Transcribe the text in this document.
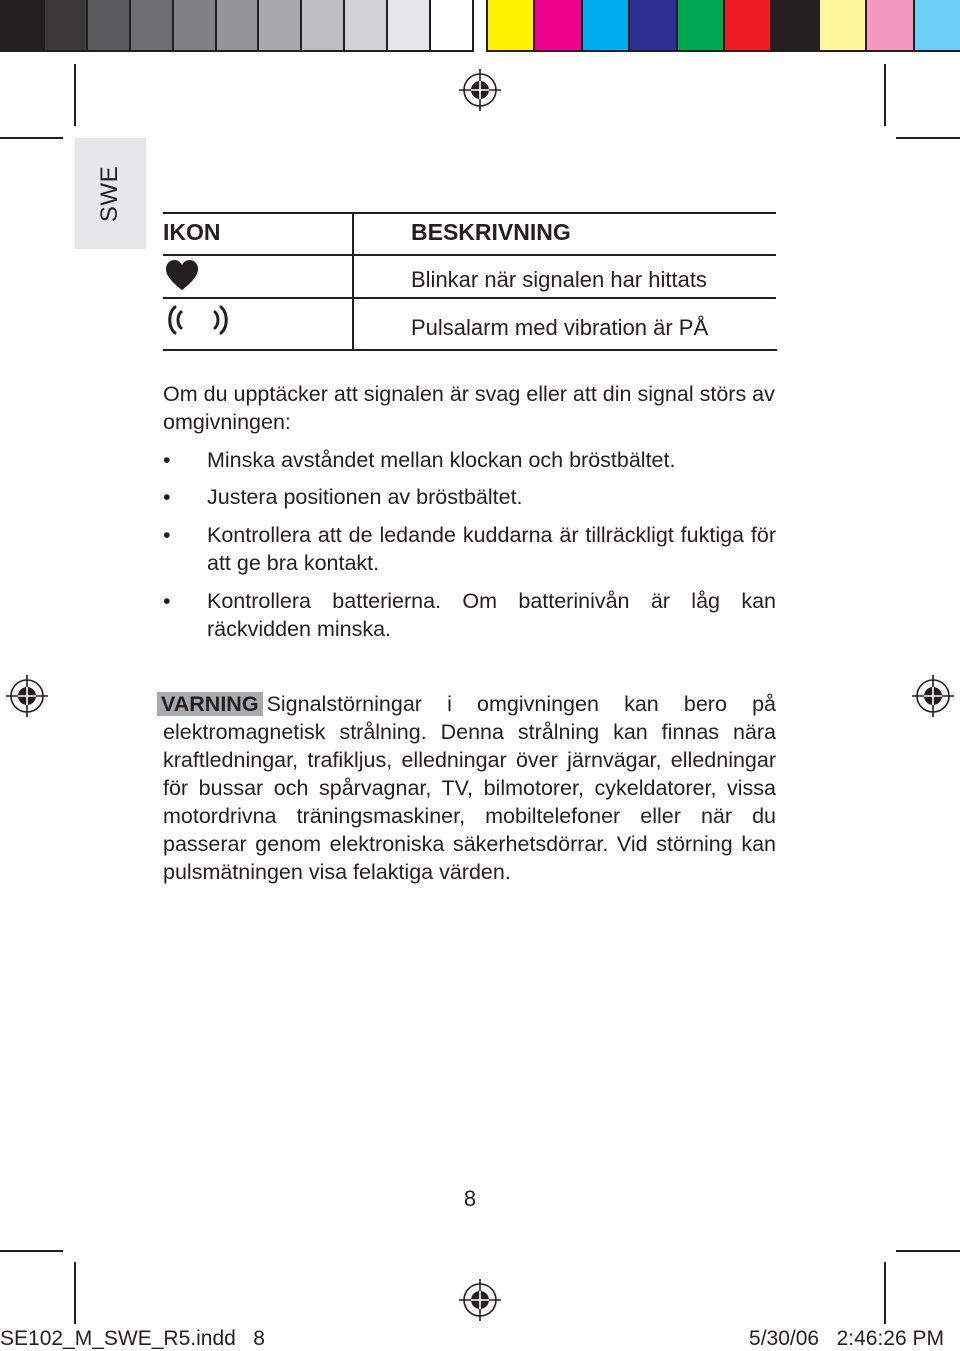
SWE
IKON	BESKRIVNING
Blinkar när signalen har hittats
Pulsalarm med vibration är PÅ
Om du upptäcker att signalen är svag eller att din signal störs av omgivningen:
•	Minska avståndet mellan klockan och bröstbältet.
•	Justera positionen av bröstbältet.
•	Kontrollera att de ledande kuddarna är tillräckligt fuktiga för att ge bra kontakt.
•	Kontrollera batterierna. Om batterinivån är låg kan räckvidden minska.
VARNING Signalstörningar i omgivningen kan bero på elektromagnetisk strålning. Denna strålning kan finnas nära kraftledningar, trafikljus, elledningar över järnvägar, elledningar för bussar och spårvagnar, TV, bilmotorer, cykeldatorer, vissa motordrivna träningsmaskiner, mobiltelefoner eller när du passerar genom elektroniska säkerhetsdörrar. Vid störning kan pulsmätningen visa felaktiga värden.
8
SE102_M_SWE_R5.indd   8	5/30/06   2:46:26 PM
